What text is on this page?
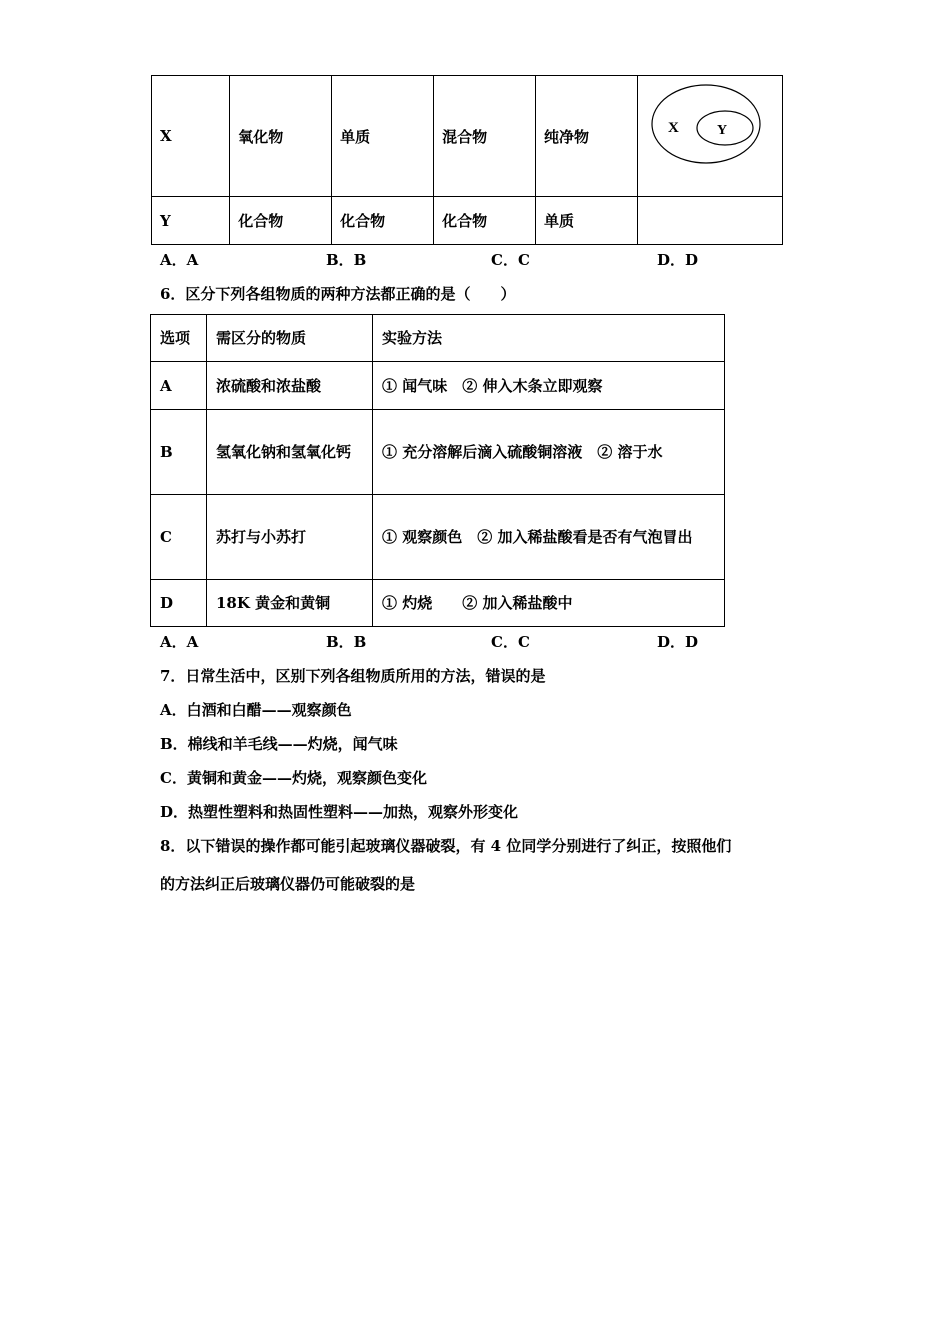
X	氧化物	单质	混合物	纯净物	X Y

Y	化合物	化合物	化合物	单质	
A．A	B．B	C．C	D．D
6．区分下列各组物质的两种方法都正确的是（　　）
选项	需区分的物质	实验方法
A	浓硫酸和浓盐酸	① 闻气味　② 伸入木条立即观察
B	氢氧化钠和氢氧化钙	① 充分溶解后滴入硫酸铜溶液　② 溶于水
C	苏打与小苏打	① 观察颜色　② 加入稀盐酸看是否有气泡冒出
D	18K 黄金和黄铜	① 灼烧　　② 加入稀盐酸中
A．A	B．B	C．C	D．D
7．日常生活中，区别下列各组物质所用的方法，错误的是
A．白酒和白醋——观察颜色
B．棉线和羊毛线——灼烧，闻气味
C．黄铜和黄金——灼烧，观察颜色变化
D．热塑性塑料和热固性塑料——加热，观察外形变化
8．以下错误的操作都可能引起玻璃仪器破裂，有 4 位同学分别进行了纠正，按照他们
的方法纠正后玻璃仪器仍可能破裂的是
